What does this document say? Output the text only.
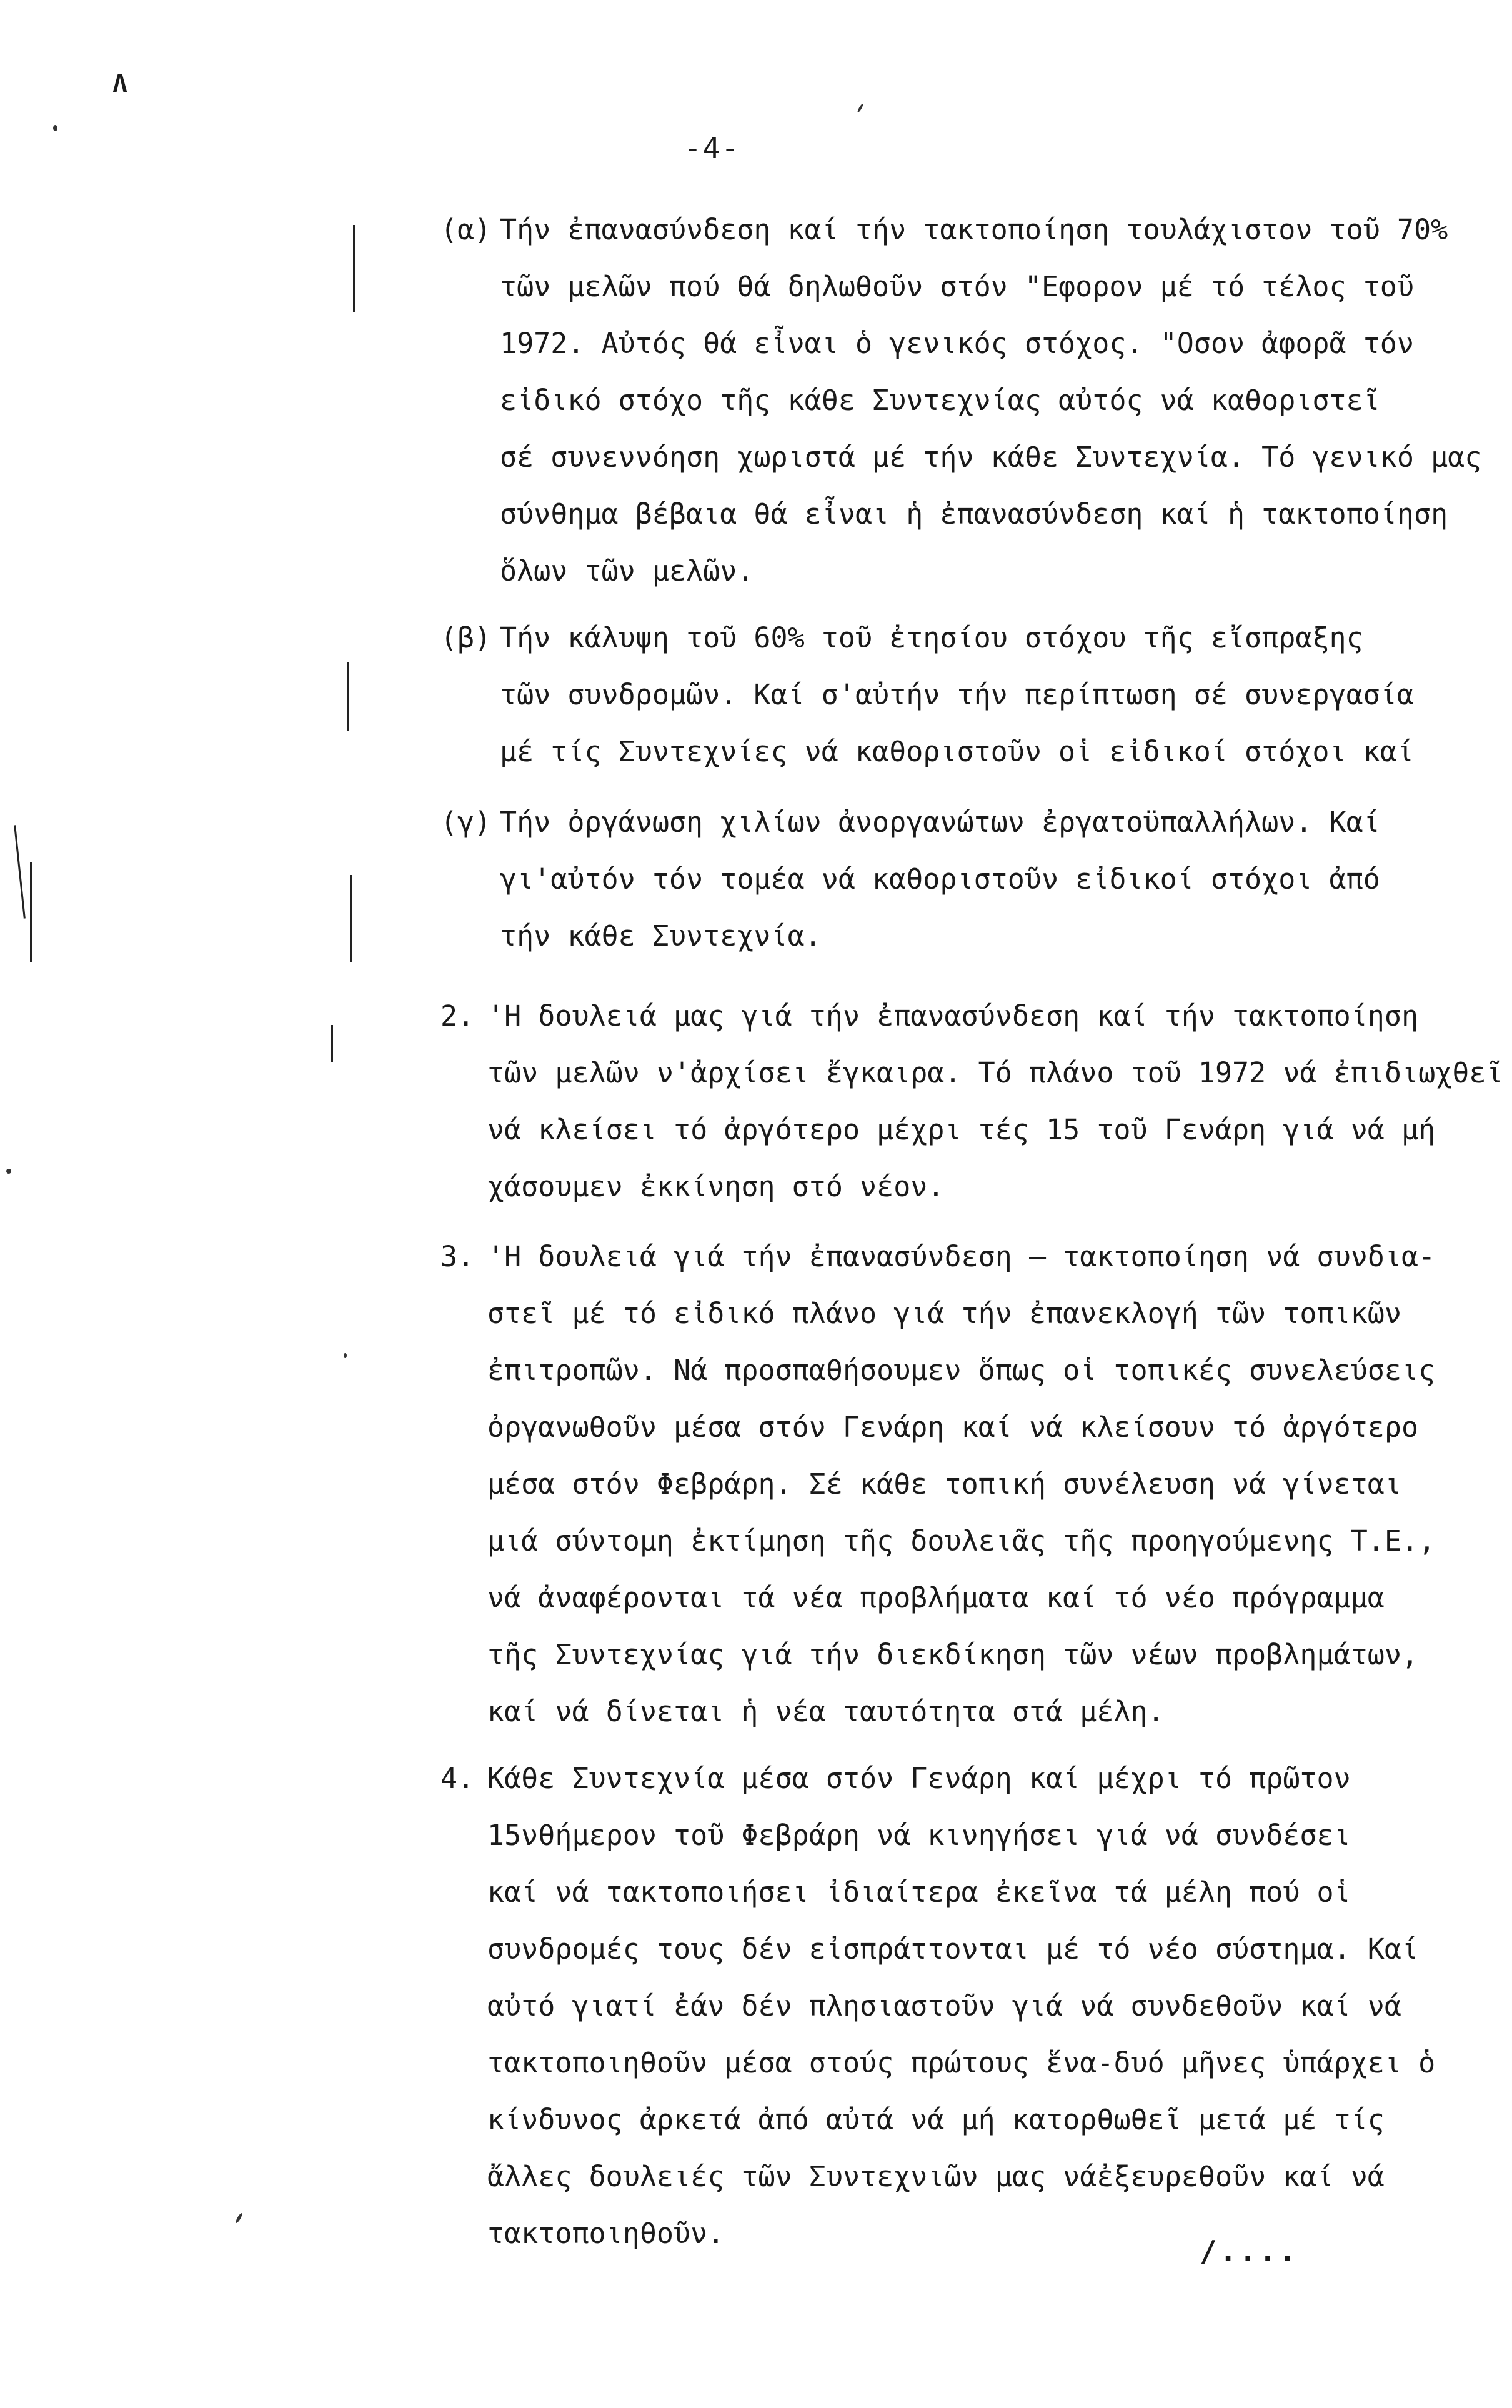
Λ
-4-
(α) Τήν ἐπανασύνδεση καί τήν τακτοποίηση τουλάχιστον τοῦ 70%
τῶν μελῶν πού θά δηλωθοῦν στόν "Εφορον μέ τό τέλος τοῦ
1972. Αὐτός θά εἶναι ὁ γενικός στόχος. "Οσον ἀφορᾶ τόν
εἰδικό στόχο τῆς κάθε Συντεχνίας αὐτός νά καθοριστεῖ
σέ συνεννόηση χωριστά μέ τήν κάθε Συντεχνία. Τό γενικό μας
σύνθημα βέβαια θά εἶναι ἡ ἐπανασύνδεση καί ἡ τακτοποίηση
ὅλων τῶν μελῶν.
(β) Τήν κάλυψη τοῦ 60% τοῦ ἐτησίου στόχου τῆς εἴσπραξης
τῶν συνδρομῶν. Καί σ'αὐτήν τήν περίπτωση σέ συνεργασία
μέ τίς Συντεχνίες νά καθοριστοῦν οἱ εἰδικοί στόχοι καί
(γ) Τήν ὀργάνωση χιλίων ἀνοργανώτων ἐργατοϋπαλλήλων. Καί
γι'αὐτόν τόν τομέα νά καθοριστοῦν εἰδικοί στόχοι ἀπό
τήν κάθε Συντεχνία.
2. 'Η δουλειά μας γιά τήν ἐπανασύνδεση καί τήν τακτοποίηση
τῶν μελῶν ν'ἀρχίσει ἔγκαιρα. Τό πλάνο τοῦ 1972 νά ἐπιδιωχθεῖ
νά κλείσει τό ἀργότερο μέχρι τές 15 τοῦ Γενάρη γιά νά μή
χάσουμεν ἐκκίνηση στό νέον.
3. 'Η δουλειά γιά τήν ἐπανασύνδεση – τακτοποίηση νά συνδια-
στεῖ μέ τό εἰδικό πλάνο γιά τήν ἐπανεκλογή τῶν τοπικῶν
ἐπιτροπῶν. Νά προσπαθήσουμεν ὅπως οἱ τοπικές συνελεύσεις
ὀργανωθοῦν μέσα στόν Γενάρη καί νά κλείσουν τό ἀργότερο
μέσα στόν Φεβράρη. Σέ κάθε τοπική συνέλευση νά γίνεται
μιά σύντομη ἐκτίμηση τῆς δουλειᾶς τῆς προηγούμενης Τ.Ε.,
νά ἀναφέρονται τά νέα προβλήματα καί τό νέο πρόγραμμα
τῆς Συντεχνίας γιά τήν διεκδίκηση τῶν νέων προβλημάτων,
καί νά δίνεται ἡ νέα ταυτότητα στά μέλη.
4. Κάθε Συντεχνία μέσα στόν Γενάρη καί μέχρι τό πρῶτον
15νθήμερον τοῦ Φεβράρη νά κινηγήσει γιά νά συνδέσει
καί νά τακτοποιήσει ἰδιαίτερα ἐκεῖνα τά μέλη πού οἱ
συνδρομές τους δέν εἰσπράττονται μέ τό νέο σύστημα. Καί
αὐτό γιατί ἐάν δέν πλησιαστοῦν γιά νά συνδεθοῦν καί νά
τακτοποιηθοῦν μέσα στούς πρώτους ἕνα-δυό μῆνες ὑπάρχει ὁ
κίνδυνος ἀρκετά ἀπό αὐτά νά μή κατορθωθεῖ μετά μέ τίς
ἄλλες δουλειές τῶν Συντεχνιῶν μας νάἐξευρεθοῦν καί νά
τακτοποιηθοῦν.
/....
